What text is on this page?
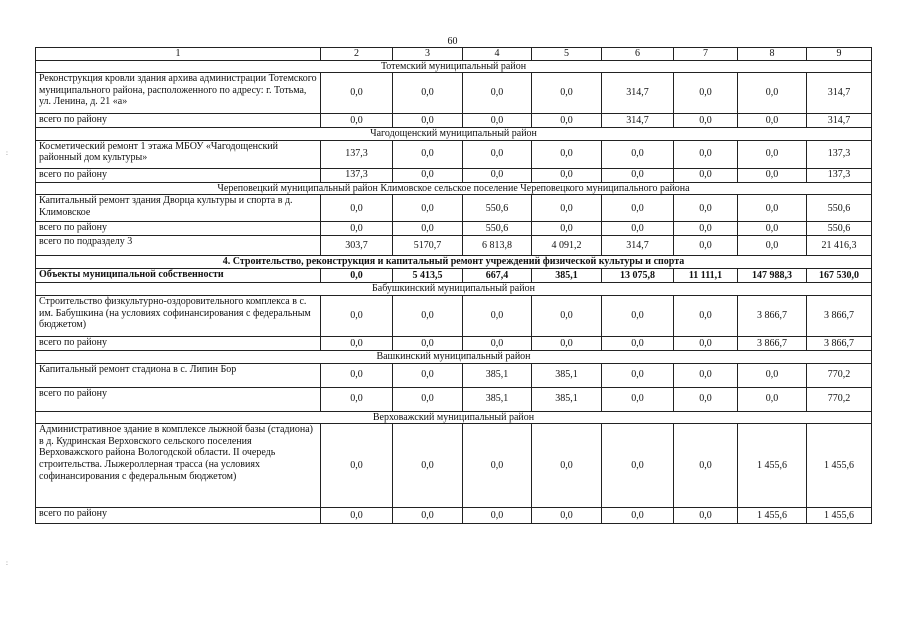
60
:
:
1	2	3	4	5	6	7	8	9
Тотемский муниципальный район								
Реконструкция кровли здания архива администрации Тотемского муниципального района, расположенного по адресу: г. Тотьма, ул. Ленина, д. 21 «а»	0,0	0,0	0,0	0,0	314,7	0,0	0,0	314,7
всего по району	0,0	0,0	0,0	0,0	314,7	0,0	0,0	314,7
Чагодощенский муниципальный район								
Косметический ремонт 1 этажа МБОУ «Чагодощенский районный дом культуры»	137,3	0,0	0,0	0,0	0,0	0,0	0,0	137,3
всего по району	137,3	0,0	0,0	0,0	0,0	0,0	0,0	137,3
Череповецкий муниципальный район Климовское сельское поселение Череповецкого муниципального района								
Капитальный ремонт здания Дворца культуры и спорта в д. Климовское	0,0	0,0	550,6	0,0	0,0	0,0	0,0	550,6
всего по району	0,0	0,0	550,6	0,0	0,0	0,0	0,0	550,6
всего по подразделу 3	303,7	5170,7	6 813,8	4 091,2	314,7	0,0	0,0	21 416,3
4. Строительство, реконструкция и капитальный ремонт учреждений физической культуры и спорта								
Объекты муниципальной собственности	0,0	5 413,5	667,4	385,1	13 075,8	11 111,1	147 988,3	167 530,0
Бабушкинский муниципальный район								
Строительство физкультурно-оздоровительного комплекса в с. им. Бабушкина (на условиях софинансирования с федеральным бюджетом)	0,0	0,0	0,0	0,0	0,0	0,0	3 866,7	3 866,7
всего по району	0,0	0,0	0,0	0,0	0,0	0,0	3 866,7	3 866,7
Вашкинский муниципальный район								
Капитальный ремонт стадиона в с. Липин Бор	0,0	0,0	385,1	385,1	0,0	0,0	0,0	770,2
всего по району	0,0	0,0	385,1	385,1	0,0	0,0	0,0	770,2
Верховажский муниципальный район								
Административное здание в комплексе лыжной базы (стадиона) в д. Кудринская Верховского сельского поселения Верховажского района Вологодской области. II очередь строительства. Лыжероллерная трасса (на условиях софинансирования с федеральным бюджетом)	0,0	0,0	0,0	0,0	0,0	0,0	1 455,6	1 455,6
всего по району	0,0	0,0	0,0	0,0	0,0	0,0	1 455,6	1 455,6
